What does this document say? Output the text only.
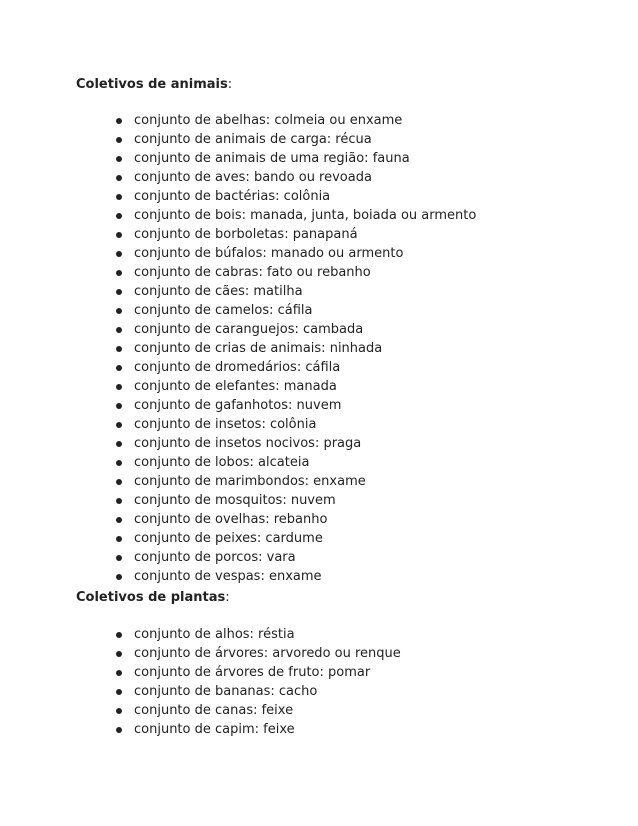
Coletivos de animais:
conjunto de abelhas: colmeia ou enxame
conjunto de animais de carga: récua
conjunto de animais de uma região: fauna
conjunto de aves: bando ou revoada
conjunto de bactérias: colônia
conjunto de bois: manada, junta, boiada ou armento
conjunto de borboletas: panapaná
conjunto de búfalos: manado ou armento
conjunto de cabras: fato ou rebanho
conjunto de cães: matilha
conjunto de camelos: cáfila
conjunto de caranguejos: cambada
conjunto de crias de animais: ninhada
conjunto de dromedários: cáfila
conjunto de elefantes: manada
conjunto de gafanhotos: nuvem
conjunto de insetos: colônia
conjunto de insetos nocivos: praga
conjunto de lobos: alcateia
conjunto de marimbondos: enxame
conjunto de mosquitos: nuvem
conjunto de ovelhas: rebanho
conjunto de peixes: cardume
conjunto de porcos: vara
conjunto de vespas: enxame
Coletivos de plantas:
conjunto de alhos: réstia
conjunto de árvores: arvoredo ou renque
conjunto de árvores de fruto: pomar
conjunto de bananas: cacho
conjunto de canas: feixe
conjunto de capim: feixe
